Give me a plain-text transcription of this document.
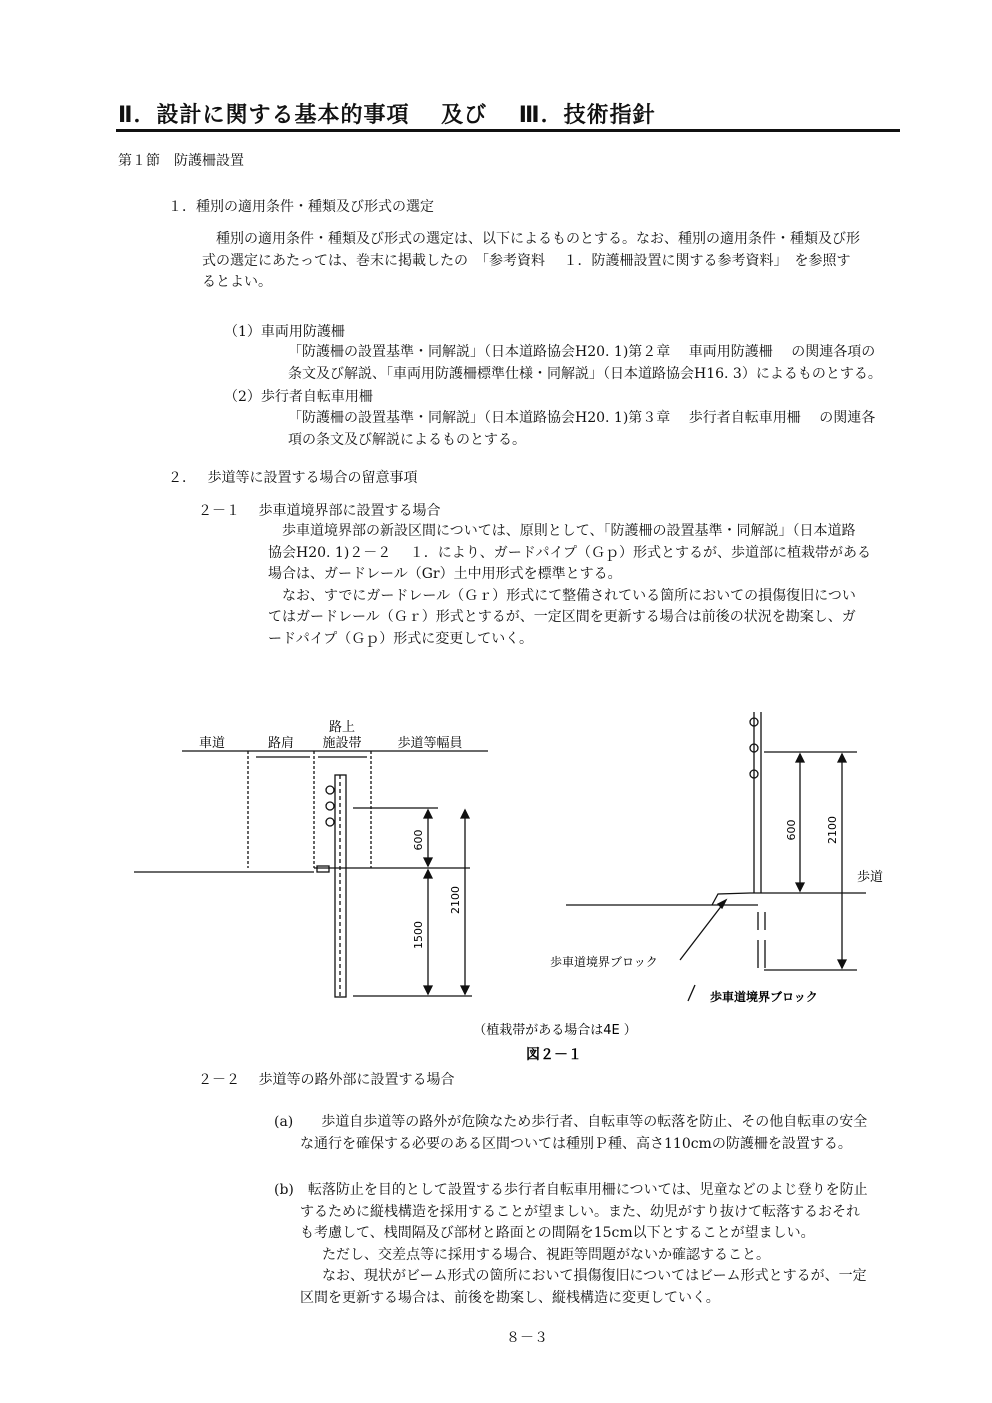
Ⅱ．設計に関する基本的事項　 及び　 Ⅲ．技術指針
第１節　防護柵設置
１．種別の適用条件・種類及び形式の選定
種別の適用条件・種類及び形式の選定は、以下によるものとする。なお、種別の適用条件・種類及び形
式の選定にあたっては、巻末に掲載したの　「参考資料　 １．防護柵設置に関する参考資料」　を参照す
るとよい。
（1）車両用防護柵
「防護柵の設置基準・同解説」（日本道路協会H20. 1)第２章　 車両用防護柵　 の関連各項の
条文及び解説、「車両用防護柵標準仕様・同解説」（日本道路協会H16. 3）によるものとする。
（2）歩行者自転車用柵
「防護柵の設置基準・同解説」（日本道路協会H20. 1)第３章　 歩行者自転車用柵　 の関連各
項の条文及び解説によるものとする。
２．　 歩道等に設置する場合の留意事項
２－１　 歩車道境界部に設置する場合
歩車道境界部の新設区間については、原則として、「防護柵の設置基準・同解説」（日本道路
協会H20. 1)２－２　 １．により、ガードパイプ（Ｇｐ）形式とするが、歩道部に植栽帯がある
場合は、ガードレール（Gr）土中用形式を標準とする。
なお、すでにガードレール（Ｇｒ）形式にて整備されている箇所においての損傷復旧につい
てはガードレール（Ｇｒ）形式とするが、一定区間を更新する場合は前後の状況を勘案し、ガ
ードパイプ（Ｇｐ）形式に変更していく。
車道	路肩
路上
施設帯	歩道等幅員
600
2100
1500
600	2100
歩道
歩車道境界ブロック
歩車道境界ブロック
（植栽帯がある場合は4E ）
図２－１
２－２　 歩道等の路外部に設置する場合
(a)　　歩道自歩道等の路外が危険なため歩行者、自転車等の転落を防止、その他自転車の安全
な通行を確保する必要のある区間ついては種別Ｐ種、高さ110cmの防護柵を設置する。
(b)　転落防止を目的として設置する歩行者自転車用柵については、児童などのよじ登りを防止
するために縦桟構造を採用することが望ましい。また、幼児がすり抜けて転落するおそれ
も考慮して、桟間隔及び部材と路面との間隔を15cm以下とすることが望ましい。
ただし、交差点等に採用する場合、視距等問題がないか確認すること。
なお、現状がビーム形式の箇所において損傷復旧についてはビーム形式とするが、一定
区間を更新する場合は、前後を勘案し、縦桟構造に変更していく。
８－３
